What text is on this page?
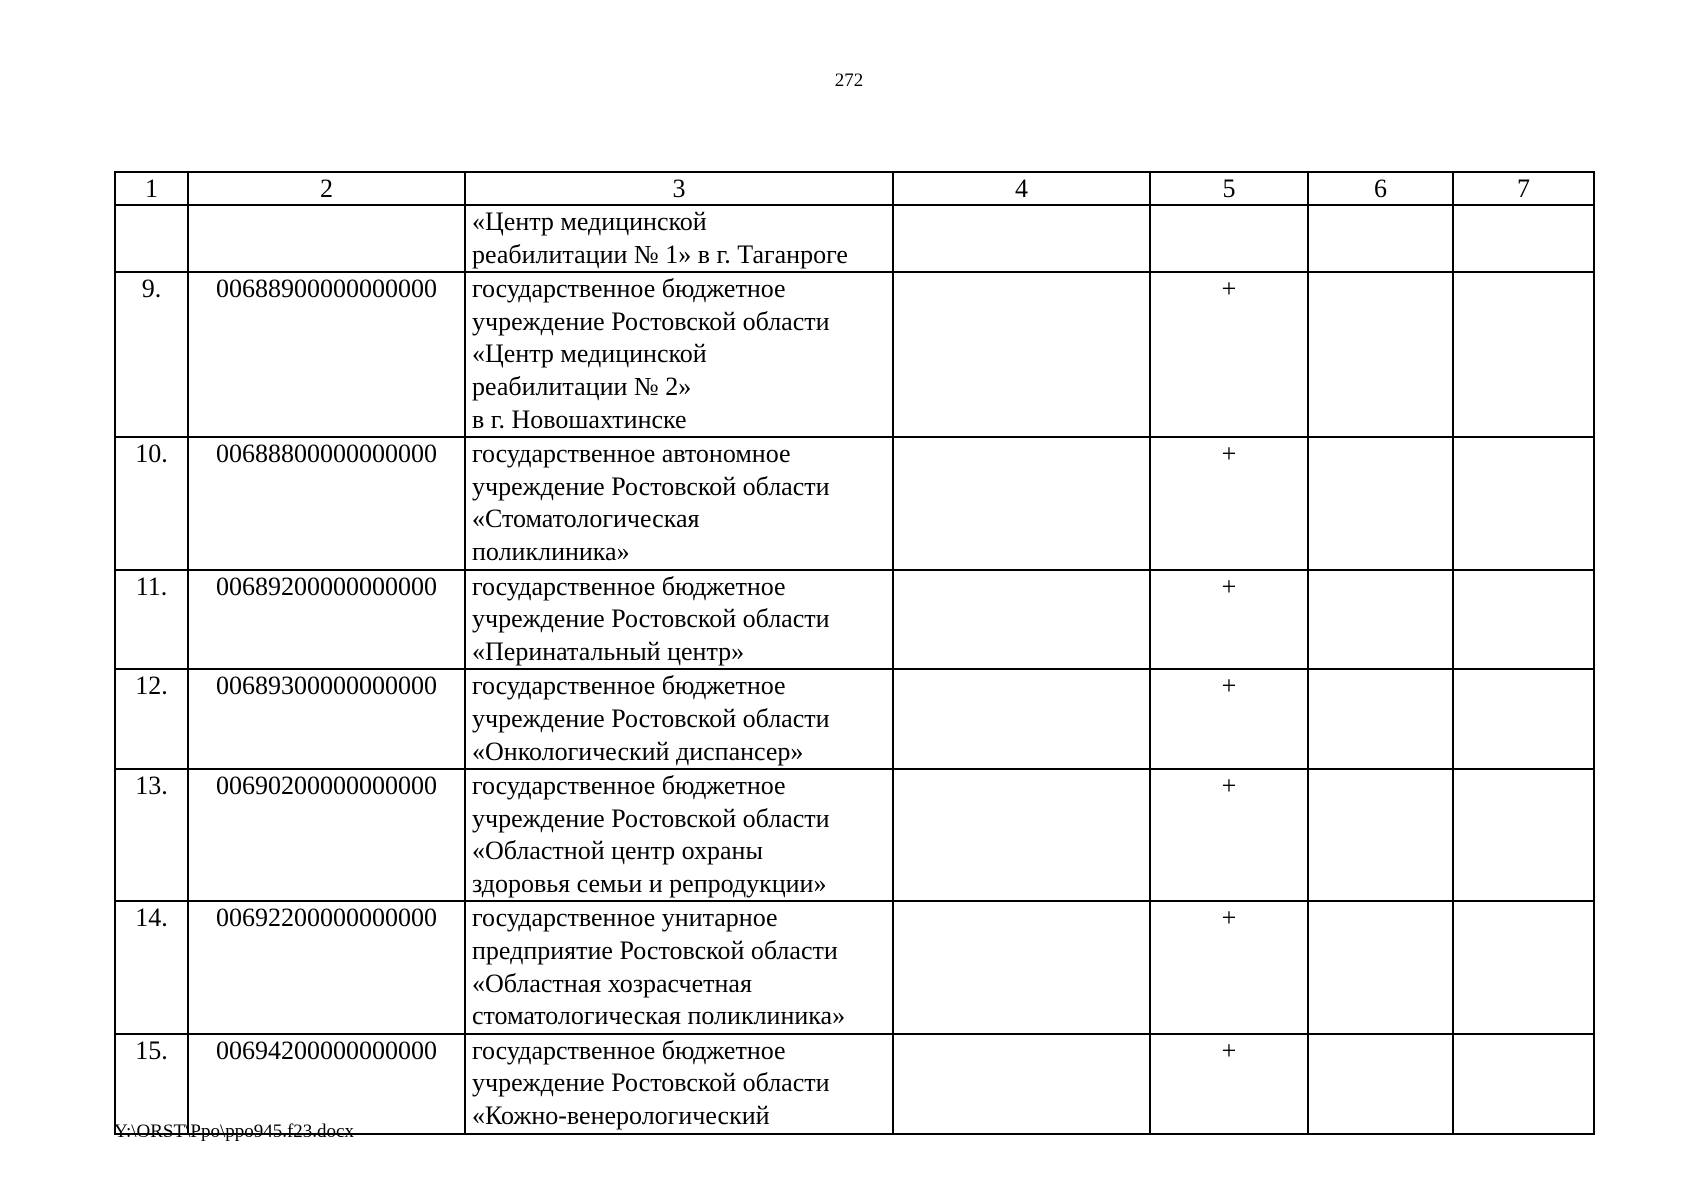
272
1	2	3	4	5	6	7

		«Центр медицинской
реабилитации № 1» в г. Таганроге				

9.	00688900000000000	государственное бюджетное
учреждение Ростовской области
«Центр медицинской
реабилитации № 2»
в г. Новошахтинске		+		
10.	00688800000000000	государственное автономное
учреждение Ростовской области
«Стоматологическая
поликлиника»		+		
11.	00689200000000000	государственное бюджетное
учреждение Ростовской области
«Перинатальный центр»		+		
12.	00689300000000000	государственное бюджетное
учреждение Ростовской области
«Онкологический диспансер»		+		
13.	00690200000000000	государственное бюджетное
учреждение Ростовской области
«Областной центр охраны
здоровья семьи и репродукции»		+		
14.	00692200000000000	государственное унитарное
предприятие Ростовской области
«Областная хозрасчетная
стоматологическая поликлиника»		+		
15.	00694200000000000	государственное бюджетное
учреждение Ростовской области
«Кожно-венерологический		+		
Y:\ORST\Ppo\ppo945.f23.docx
